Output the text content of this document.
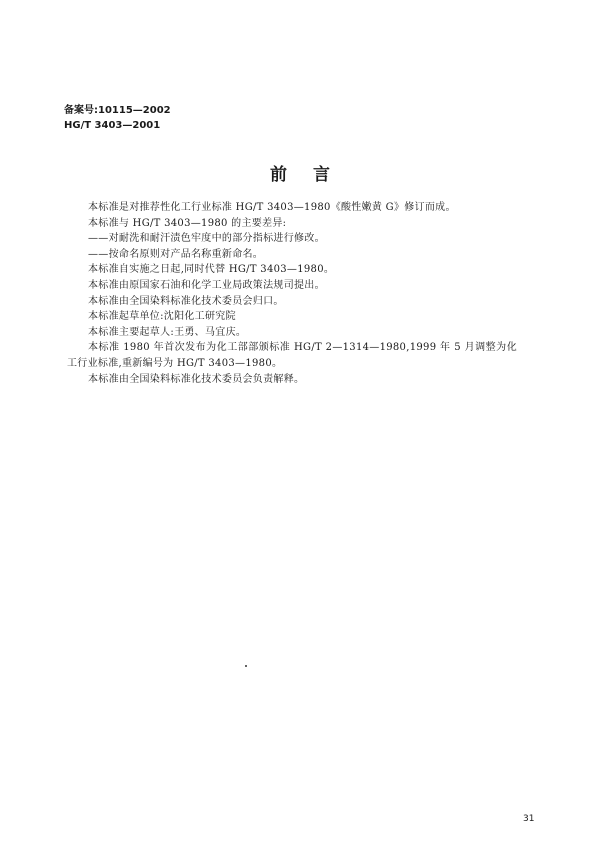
备案号:10115—2002
HG/T 3403—2001
前言

本标准是对推荐性化工行业标准 HG/T 3403—1980《酸性嫩黄 G》修订而成。

本标准与 HG/T 3403—1980 的主要差异:

——对耐洗和耐汗渍色牢度中的部分指标进行修改。

——按命名原则对产品名称重新命名。

本标准自实施之日起,同时代替 HG/T 3403—1980。

本标准由原国家石油和化学工业局政策法规司提出。

本标准由全国染料标准化技术委员会归口。

本标准起草单位:沈阳化工研究院

本标准主要起草人:王勇、马宜庆。

本标准 1980 年首次发布为化工部部颁标准 HG/T 2—1314—1980,1999 年 5 月调整为化工行业标准,重新编号为 HG/T 3403—1980。

本标准由全国染料标准化技术委员会负责解释。

31
